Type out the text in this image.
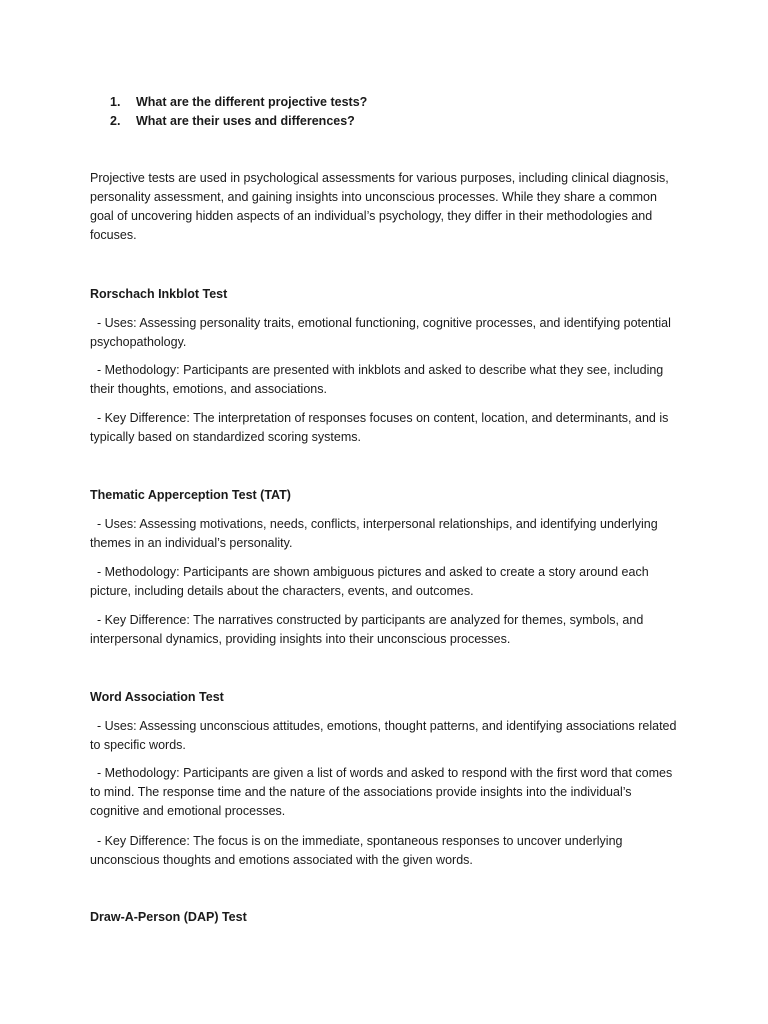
1.	What are the different projective tests?
2.	What are their uses and differences?

Projective tests are used in psychological assessments for various purposes, including clinical diagnosis, personality assessment, and gaining insights into unconscious processes. While they share a common goal of uncovering hidden aspects of an individual’s psychology, they differ in their methodologies and focuses.

Rorschach Inkblot Test

- Uses: Assessing personality traits, emotional functioning, cognitive processes, and identifying potential psychopathology.

- Methodology: Participants are presented with inkblots and asked to describe what they see, including their thoughts, emotions, and associations.

- Key Difference: The interpretation of responses focuses on content, location, and determinants, and is typically based on standardized scoring systems.

Thematic Apperception Test (TAT)

- Uses: Assessing motivations, needs, conflicts, interpersonal relationships, and identifying underlying themes in an individual’s personality.

- Methodology: Participants are shown ambiguous pictures and asked to create a story around each picture, including details about the characters, events, and outcomes.

- Key Difference: The narratives constructed by participants are analyzed for themes, symbols, and interpersonal dynamics, providing insights into their unconscious processes.

Word Association Test

- Uses: Assessing unconscious attitudes, emotions, thought patterns, and identifying associations related to specific words.

- Methodology: Participants are given a list of words and asked to respond with the first word that comes to mind. The response time and the nature of the associations provide insights into the individual’s cognitive and emotional processes.

- Key Difference: The focus is on the immediate, spontaneous responses to uncover underlying unconscious thoughts and emotions associated with the given words.

Draw-A-Person (DAP) Test
